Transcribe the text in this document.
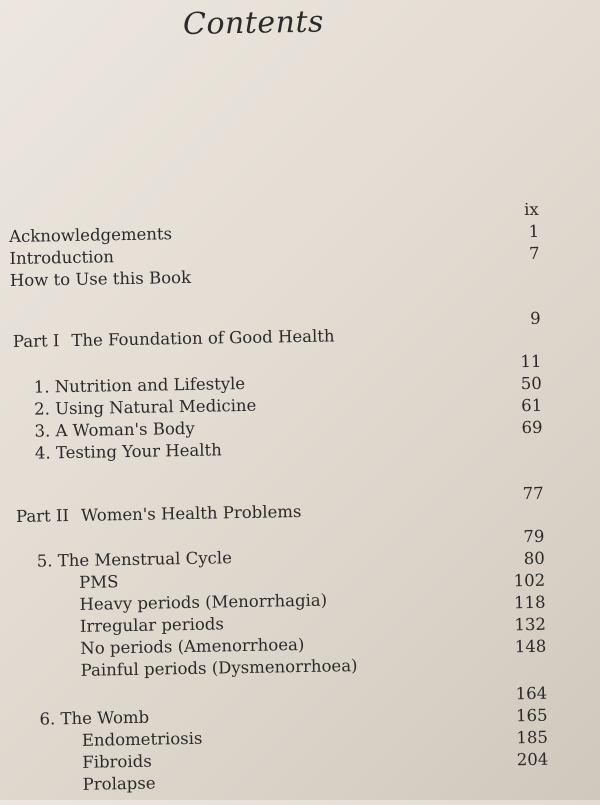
Contents
Acknowledgements
ix
Introduction
1
How to Use this Book
7
Part I The Foundation of Good Health
9
1. Nutrition and Lifestyle
11
2. Using Natural Medicine
50
3. A Woman's Body
61
4. Testing Your Health
69
Part II Women's Health Problems
77
5. The Menstrual Cycle
79
PMS
80
Heavy periods (Menorrhagia)
102
Irregular periods
118
No periods (Amenorrhoea)
132
Painful periods (Dysmenorrhoea)
148
6. The Womb
164
Endometriosis
165
Fibroids
185
Prolapse
204
